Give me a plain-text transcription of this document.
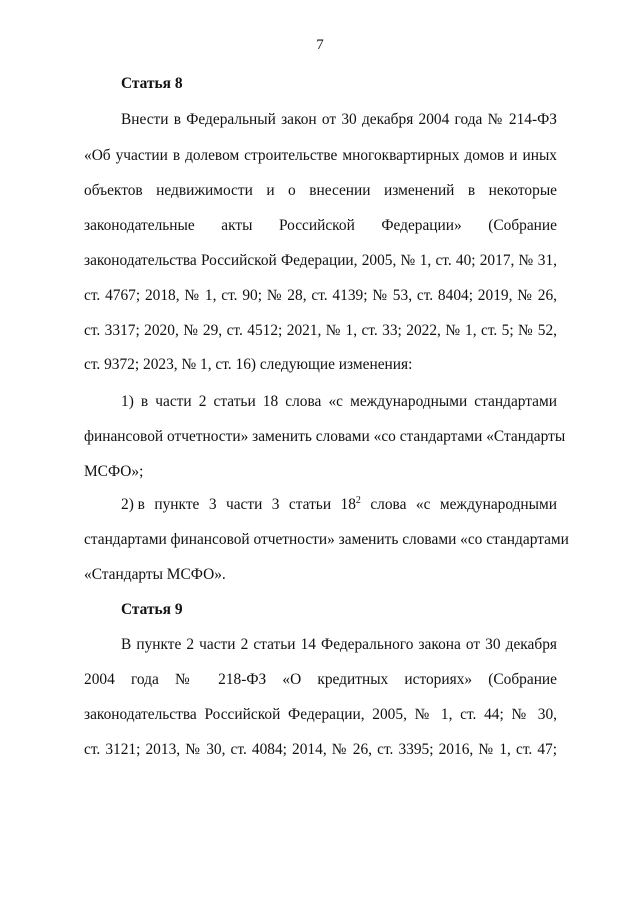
7
Статья 8
Внести в Федеральный закон от 30 декабря 2004 года № 214-ФЗ
«Об участии в долевом строительстве многоквартирных домов и иных
объектов недвижимости и о внесении изменений в некоторые
законодательные акты Российской Федерации» (Собрание
законодательства Российской Федерации, 2005, № 1, ст. 40; 2017, № 31,
ст. 4767; 2018, № 1, ст. 90; № 28, ст. 4139; № 53, ст. 8404; 2019, № 26,
ст. 3317; 2020, № 29, ст. 4512; 2021, № 1, ст. 33; 2022, № 1, ст. 5; № 52,
ст. 9372; 2023, № 1, ст. 16) следующие изменения:
1) в части 2 статьи 18 слова «с международными стандартами
финансовой отчетности» заменить словами «со стандартами «Стандарты
МСФО»;
2) в пункте 3 части 3 статьи $18^2$ слова «с международными
стандартами финансовой отчетности» заменить словами «со стандартами
«Стандарты МСФО».
Статья 9
В пункте 2 части 2 статьи 14 Федерального закона от 30 декабря
2004 года № 218-ФЗ «О кредитных историях» (Собрание
законодательства Российской Федерации, 2005, № 1, ст. 44; № 30,
ст. 3121; 2013, № 30, ст. 4084; 2014, № 26, ст. 3395; 2016, № 1, ст. 47;
